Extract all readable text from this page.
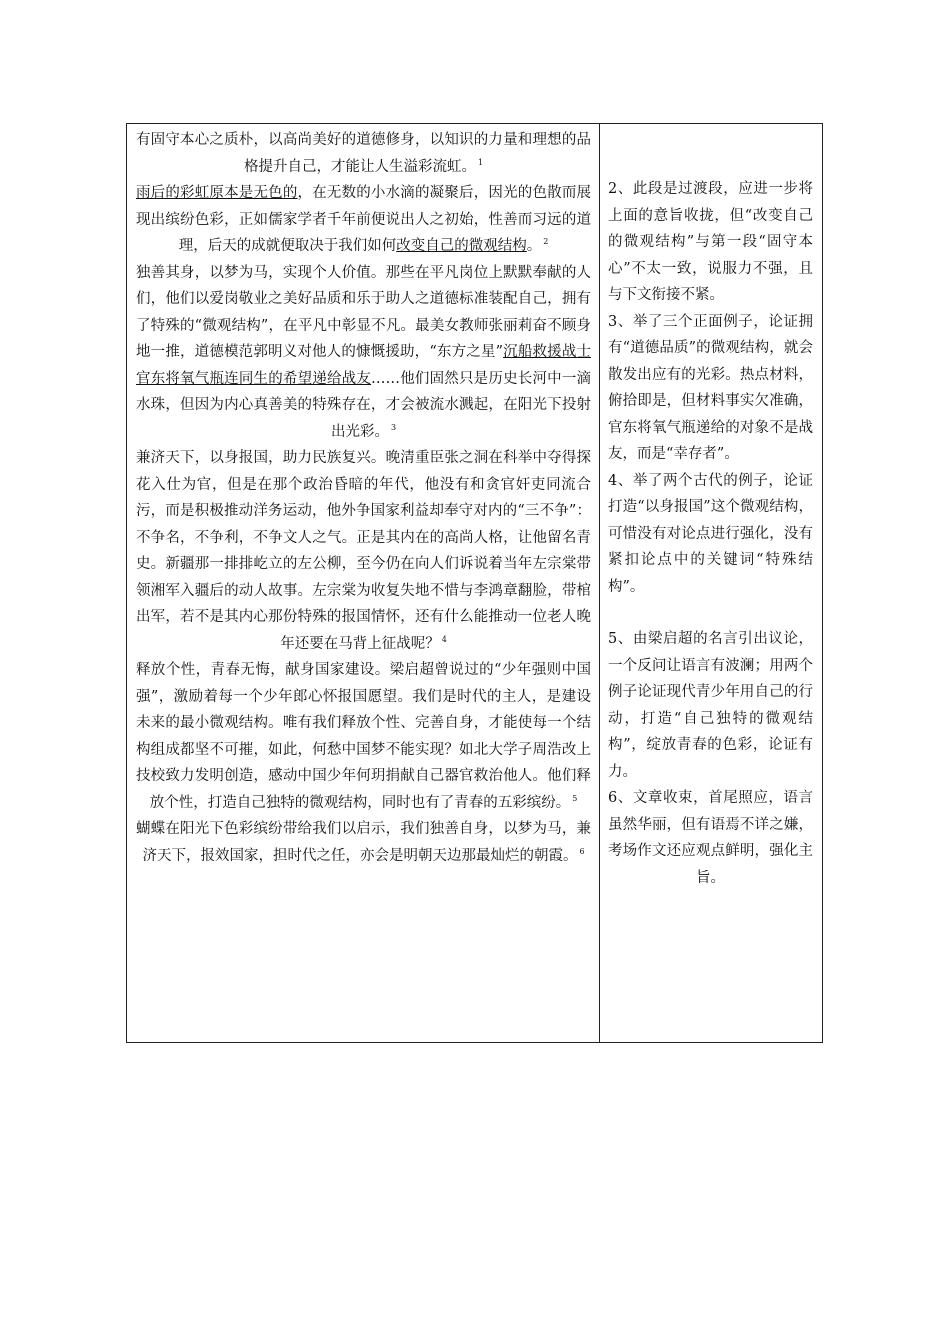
有固守本心之质朴，以高尚美好的道德修身，以知识的力量和理想的品格提升自己，才能让人生溢彩流虹。 $^1$

雨后的彩虹原本是无色的，在无数的小水滴的凝聚后，因光的色散而展现出缤纷色彩，正如儒家学者千年前便说出人之初始，性善而习远的道理，后天的成就便取决于我们如何改变自己的微观结构。 $^2$

独善其身，以梦为马，实现个人价值。那些在平凡岗位上默默奉献的人们，他们以爱岗敬业之美好品质和乐于助人之道德标准装配自己，拥有了特殊的“微观结构”，在平凡中彰显不凡。最美女教师张丽莉奋不顾身地一推，道德模范郭明义对他人的慷慨援助，“东方之星”沉船救援战士官东将氧气瓶连同生的希望递给战友……他们固然只是历史长河中一滴水珠，但因为内心真善美的特殊存在，才会被流水溅起，在阳光下投射出光彩。 $^3$

兼济天下，以身报国，助力民族复兴。晚清重臣张之洞在科举中夺得探花入仕为官，但是在那个政治昏暗的年代，他没有和贪官奸吏同流合污，而是积极推动洋务运动，他外争国家利益却奉守对内的“三不争”：不争名，不争利，不争文人之气。正是其内在的高尚人格，让他留名青史。新疆那一排排屹立的左公柳，至今仍在向人们诉说着当年左宗棠带领湘军入疆后的动人故事。左宗棠为收复失地不惜与李鸿章翻脸，带棺出军，若不是其内心那份特殊的报国情怀，还有什么能推动一位老人晚年还要在马背上征战呢？ $^4$

释放个性，青春无悔，献身国家建设。梁启超曾说过的“少年强则中国强”，激励着每一个少年郎心怀报国愿望。我们是时代的主人，是建设未来的最小微观结构。唯有我们释放个性、完善自身，才能使每一个结构组成都坚不可摧，如此，何愁中国梦不能实现？如北大学子周浩改上技校致力发明创造，感动中国少年何玥捐献自己器官救治他人。他们释放个性，打造自己独特的微观结构，同时也有了青春的五彩缤纷。 $^5$

蝴蝶在阳光下色彩缤纷带给我们以启示，我们独善自身，以梦为马，兼济天下，报效国家，担时代之任，亦会是明朝天边那最灿烂的朝霞。 $^6$

2、此段是过渡段，应进一步将上面的意旨收拢，但“改变自己的微观结构”与第一段“固守本心”不太一致，说服力不强，且与下文衔接不紧。

3、举了三个正面例子，论证拥有“道德品质”的微观结构，就会散发出应有的光彩。热点材料，俯拾即是，但材料事实欠准确，官东将氧气瓶递给的对象不是战友，而是“幸存者”。

4、举了两个古代的例子，论证打造“以身报国”这个微观结构，可惜没有对论点进行强化，没有紧扣论点中的关键词“特殊结构”。

5、由梁启超的名言引出议论，一个反问让语言有波澜；用两个例子论证现代青少年用自己的行动，打造“自己独特的微观结构”，绽放青春的色彩，论证有力。

6、文章收束，首尾照应，语言虽然华丽，但有语焉不详之嫌，考场作文还应观点鲜明，强化主旨。
